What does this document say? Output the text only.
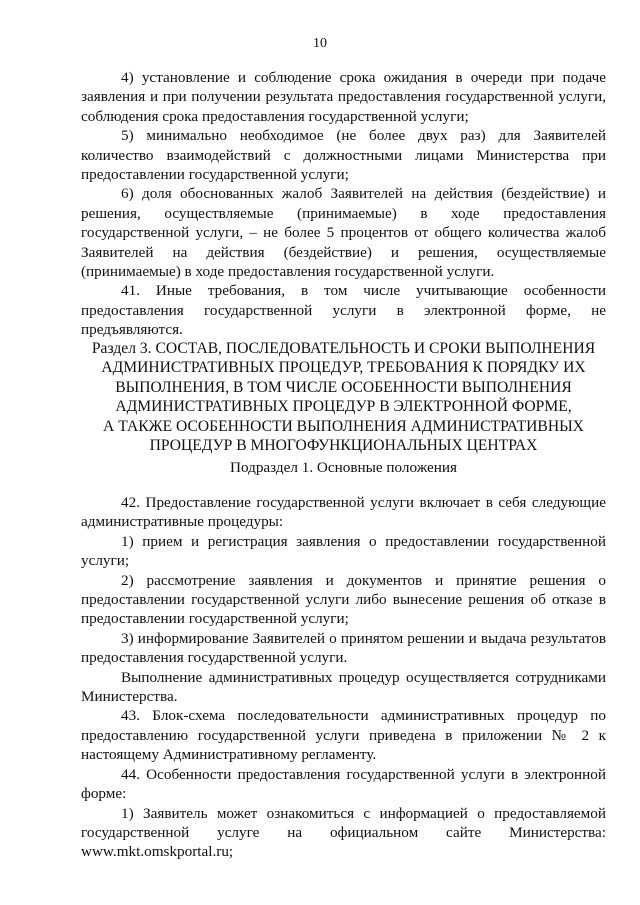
10

4) установление и соблюдение срока ожидания в очереди при подаче заявления и при получении результата предоставления государственной услуги, соблюдения срока предоставления государственной услуги;

5) минимально необходимое (не более двух раз) для Заявителей количество взаимодействий с должностными лицами Министерства при предоставлении государственной услуги;

6) доля обоснованных жалоб Заявителей на действия (бездействие) и решения, осуществляемые (принимаемые) в ходе предоставления государственной услуги, – не более 5 процентов от общего количества жалоб Заявителей на действия (бездействие) и решения, осуществляемые (принимаемые) в ходе предоставления государственной услуги.

41. Иные требования, в том числе учитывающие особенности предоставления государственной услуги в электронной форме, не предъявляются.

Раздел 3. СОСТАВ, ПОСЛЕДОВАТЕЛЬНОСТЬ И СРОКИ ВЫПОЛНЕНИЯ
АДМИНИСТРАТИВНЫХ ПРОЦЕДУР, ТРЕБОВАНИЯ К ПОРЯДКУ ИХ
ВЫПОЛНЕНИЯ, В ТОМ ЧИСЛЕ ОСОБЕННОСТИ ВЫПОЛНЕНИЯ
АДМИНИСТРАТИВНЫХ ПРОЦЕДУР В ЭЛЕКТРОННОЙ ФОРМЕ,
А ТАКЖЕ ОСОБЕННОСТИ ВЫПОЛНЕНИЯ АДМИНИСТРАТИВНЫХ
ПРОЦЕДУР В МНОГОФУНКЦИОНАЛЬНЫХ ЦЕНТРАХ
Подраздел 1. Основные положения

42. Предоставление государственной услуги включает в себя следующие административные процедуры:

1) прием и регистрация заявления о предоставлении государственной услуги;

2) рассмотрение заявления и документов и принятие решения о предоставлении государственной услуги либо вынесение решения об отказе в предоставлении государственной услуги;

3) информирование Заявителей о принятом решении и выдача результатов предоставления государственной услуги.

Выполнение административных процедур осуществляется сотрудниками Министерства.

43. Блок-схема последовательности административных процедур по предоставлению государственной услуги приведена в приложении № 2 к настоящему Административному регламенту.

44. Особенности предоставления государственной услуги в электронной форме:

1) Заявитель может ознакомиться с информацией о предоставляемой государственной услуге на официальном сайте Министерства: www.mkt.omskportal.ru;
